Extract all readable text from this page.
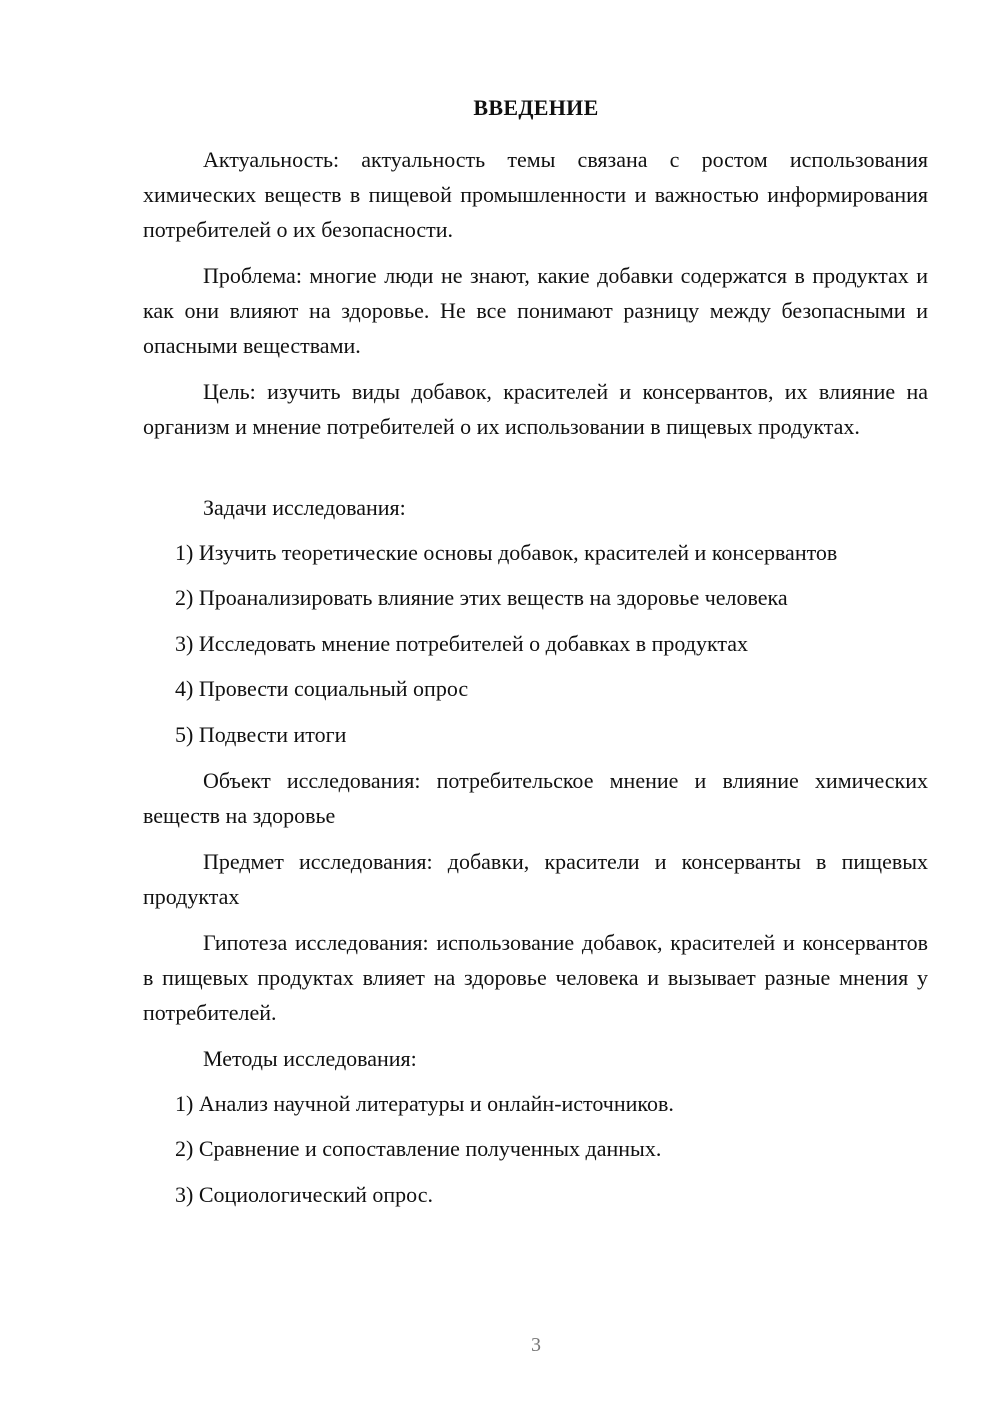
ВВЕДЕНИЕ

Актуальность: актуальность темы связана с ростом использования химических веществ в пищевой промышленности и важностью информирования потребителей о их безопасности.

Проблема: многие люди не знают, какие добавки содержатся в продуктах и как они влияют на здоровье. Не все понимают разницу между безопасными и опасными веществами.

Цель: изучить виды добавок, красителей и консервантов, их влияние на организм и мнение потребителей о их использовании в пищевых продуктах.

Задачи исследования:

1) Изучить теоретические основы добавок, красителей и консервантов

2) Проанализировать влияние этих веществ на здоровье человека

3) Исследовать мнение потребителей о добавках в продуктах

4) Провести социальный опрос

5) Подвести итоги

Объект исследования: потребительское мнение и влияние химических веществ на здоровье

Предмет исследования: добавки, красители и консерванты в пищевых продуктах

Гипотеза исследования: использование добавок, красителей и консервантов в пищевых продуктах влияет на здоровье человека и вызывает разные мнения у потребителей.

Методы исследования:

1) Анализ научной литературы и онлайн-источников.

2) Сравнение и сопоставление полученных данных.

3) Социологический опрос.

3
